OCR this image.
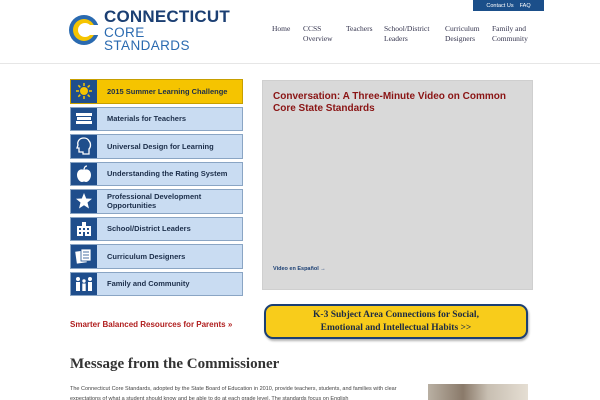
Contact Us FAQ
CONNECTICUT
CORE STANDARDS
Home CCSS
Overview
Teachers School/District
Leaders
Curriculum
Designers
Family and
Community
2015 Summer Learning Challenge
Materials for Teachers
Universal Design for Learning
Understanding the Rating System
Professional Development Opportunities
School/District Leaders
Curriculum Designers
Family and Community
Smarter Balanced Resources for Parents »
Conversation: A Three-Minute Video on Common Core State Standards
Video en Español →
K-3 Subject Area Connections for Social,
Emotional and Intellectual Habits >>
Message from the Commissioner

The Connecticut Core Standards, adopted by the State Board of Education in 2010, provide teachers, students, and families with clear expectations of what a student should know and be able to do at each grade level. The standards focus on English
